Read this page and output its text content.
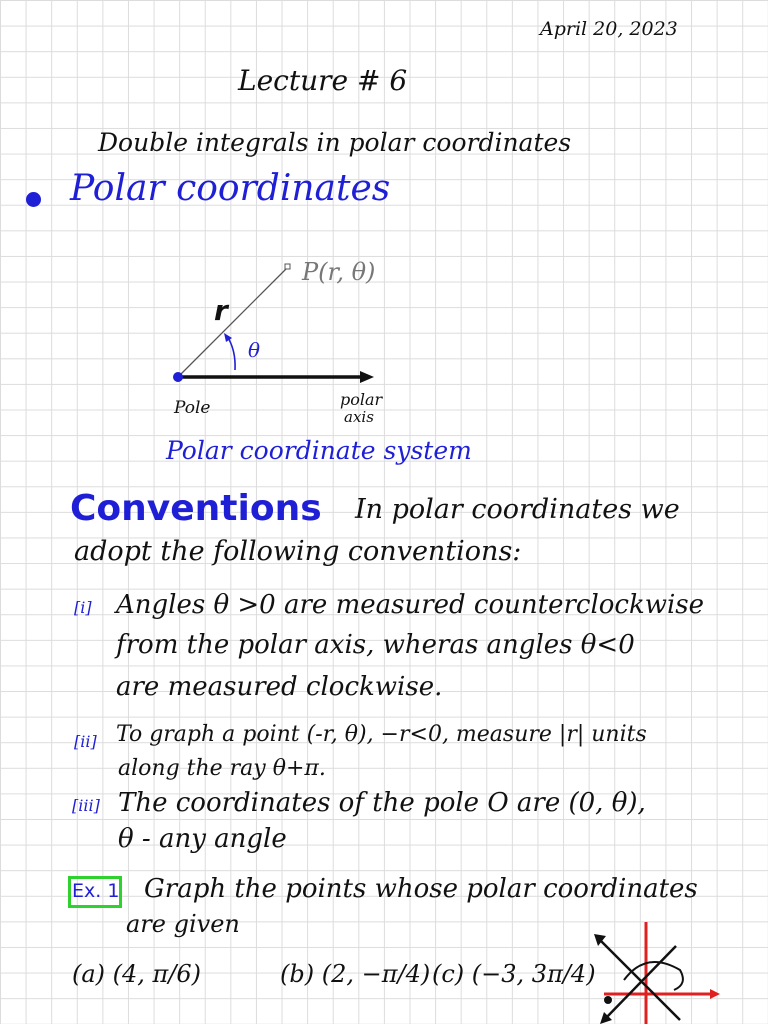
April 20, 2023
Lecture # 6
Double integrals in polar coordinates
Polar coordinates
P(r, θ)
r
θ
Pole	polar
axis
Polar coordinate system
Conventions In polar coordinates we
adopt the following conventions:
[i] Angles θ >0 are measured counterclockwise
from the polar axis, wheras angles θ<0
are measured clockwise.
[ii] To graph a point (-r, θ), −r<0, measure |r| units
along the ray θ+π.
[iii] The coordinates of the pole O are (0, θ),
θ - any angle
Ex. 1 Graph the points whose polar coordinates
are given
(a) (4, π/6)	(b) (2, −π/4) (c) (−3, 3π/4)
